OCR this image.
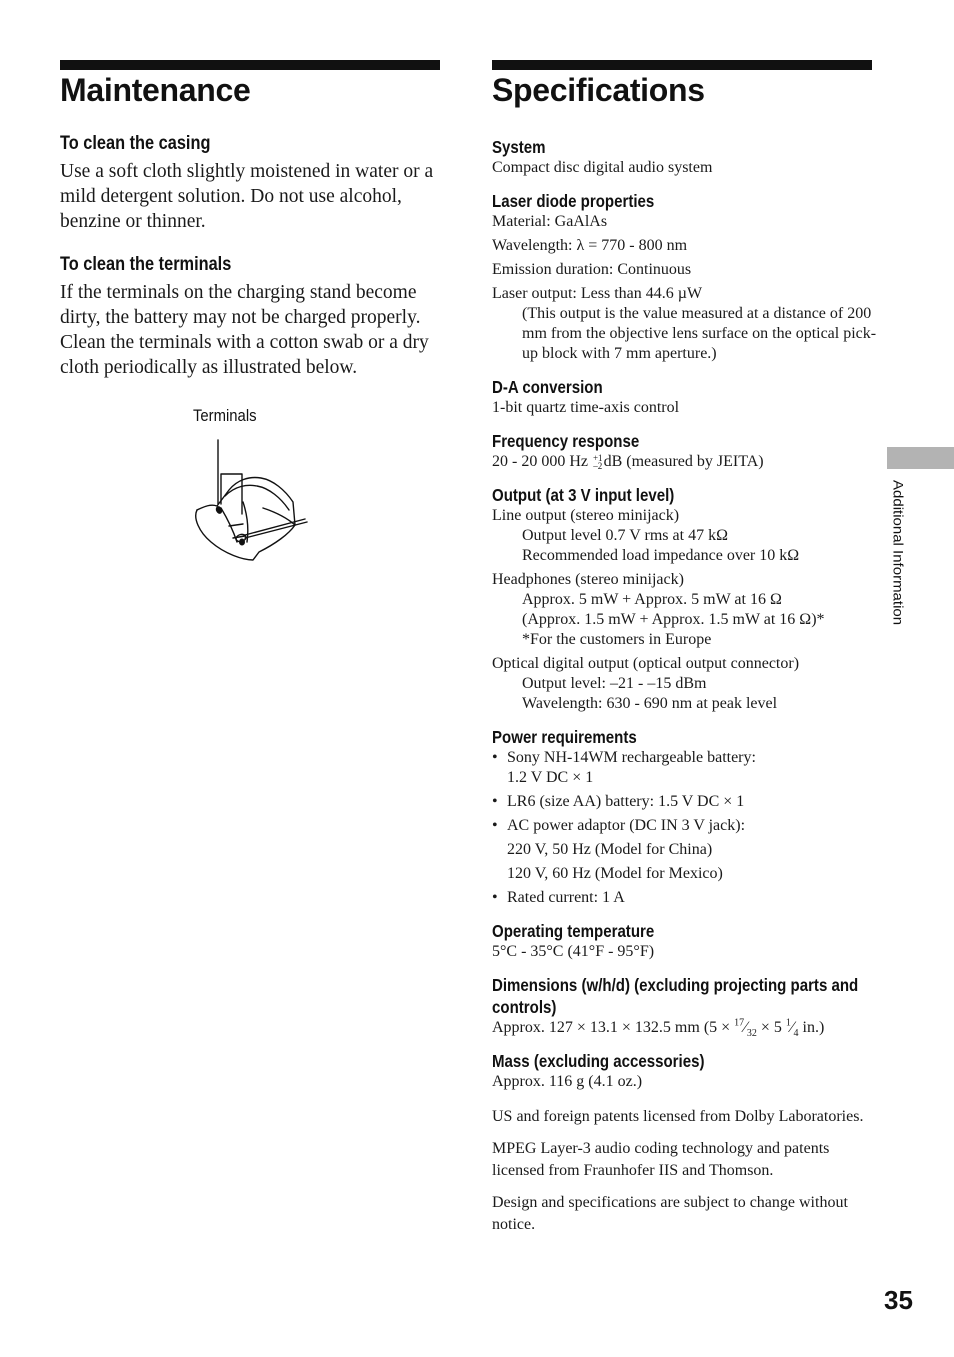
Maintenance	Specifications
To clean the casing

Use a soft cloth slightly moistened in water or a mild detergent solution. Do not use alcohol, benzine or thinner.

To clean the terminals

If the terminals on the charging stand become dirty, the battery may not be charged properly. Clean the terminals with a cotton swab or a dry cloth periodically as illustrated below.

Terminals
System
Compact disc digital audio system
Laser diode properties
Material: GaAlAs
Wavelength: λ = 770 - 800 nm
Emission duration: Continuous
Laser output: Less than 44.6 µW
(This output is the value measured at a distance of 200 mm from the objective lens surface on the optical pick-up block with 7 mm aperture.)
D-A conversion
1-bit quartz time-axis control
Frequency response
20 - 20 000 Hz +1
–2dB (measured by JEITA)
Output (at 3 V input level)
Line output (stereo minijack)
Output level 0.7 V rms at 47 kΩ
Recommended load impedance over 10 kΩ
Headphones (stereo minijack)
Approx. 5 mW + Approx. 5 mW at 16 Ω
(Approx. 1.5 mW + Approx. 1.5 mW at 16 Ω)*
*For the customers in Europe
Optical digital output (optical output connector)
Output level: –21 - –15 dBm
Wavelength: 630 - 690 nm at peak level
Power requirements
• Sony NH-14WM rechargeable battery:
1.2 V DC × 1
• LR6 (size AA) battery: 1.5 V DC × 1
• AC power adaptor (DC IN 3 V jack):
220 V, 50 Hz (Model for China)
120 V, 60 Hz (Model for Mexico)
• Rated current: 1 A
Operating temperature
5°C - 35°C (41°F - 95°F)
Dimensions (w/h/d) (excluding projecting parts and controls)
Approx. 127 × 13.1 × 132.5 mm ($5 \times ^{17}⁄_{32} \times 5$ $^1⁄_4$ in.)
Mass (excluding accessories)
Approx. 116 g (4.1 oz.)

US and foreign patents licensed from Dolby Laboratories.

MPEG Layer-3 audio coding technology and patents licensed from Fraunhofer IIS and Thomson.

Design and specifications are subject to change without notice.

Additional Information
35
